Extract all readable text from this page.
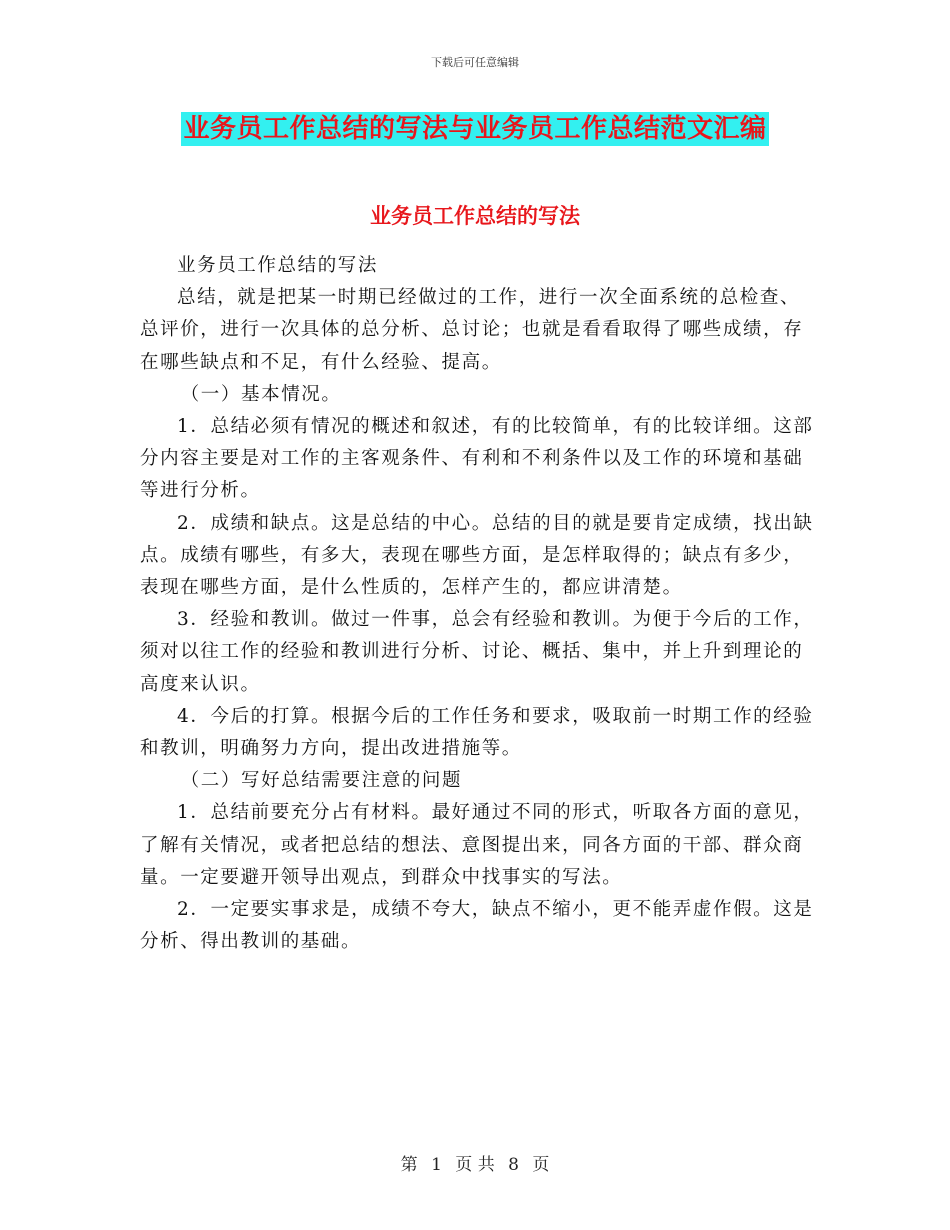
下载后可任意编辑
业务员工作总结的写法与业务员工作总结范文汇编
业务员工作总结的写法

业务员工作总结的写法

总结，就是把某一时期已经做过的工作，进行一次全面系统的总检查、总评价，进行一次具体的总分析、总讨论；也就是看看取得了哪些成绩，存在哪些缺点和不足，有什么经验、提高。

（一）基本情况。

1．总结必须有情况的概述和叙述，有的比较简单，有的比较详细。这部分内容主要是对工作的主客观条件、有利和不利条件以及工作的环境和基础等进行分析。

2．成绩和缺点。这是总结的中心。总结的目的就是要肯定成绩，找出缺点。成绩有哪些，有多大，表现在哪些方面，是怎样取得的；缺点有多少，表现在哪些方面，是什么性质的，怎样产生的，都应讲清楚。

3．经验和教训。做过一件事，总会有经验和教训。为便于今后的工作，须对以往工作的经验和教训进行分析、讨论、概括、集中，并上升到理论的高度来认识。

4．今后的打算。根据今后的工作任务和要求，吸取前一时期工作的经验和教训，明确努力方向，提出改进措施等。

（二）写好总结需要注意的问题

1．总结前要充分占有材料。最好通过不同的形式，听取各方面的意见，了解有关情况，或者把总结的想法、意图提出来，同各方面的干部、群众商量。一定要避开领导出观点，到群众中找事实的写法。

2．一定要实事求是，成绩不夸大，缺点不缩小，更不能弄虚作假。这是分析、得出教训的基础。

第 1 页 共 8 页
